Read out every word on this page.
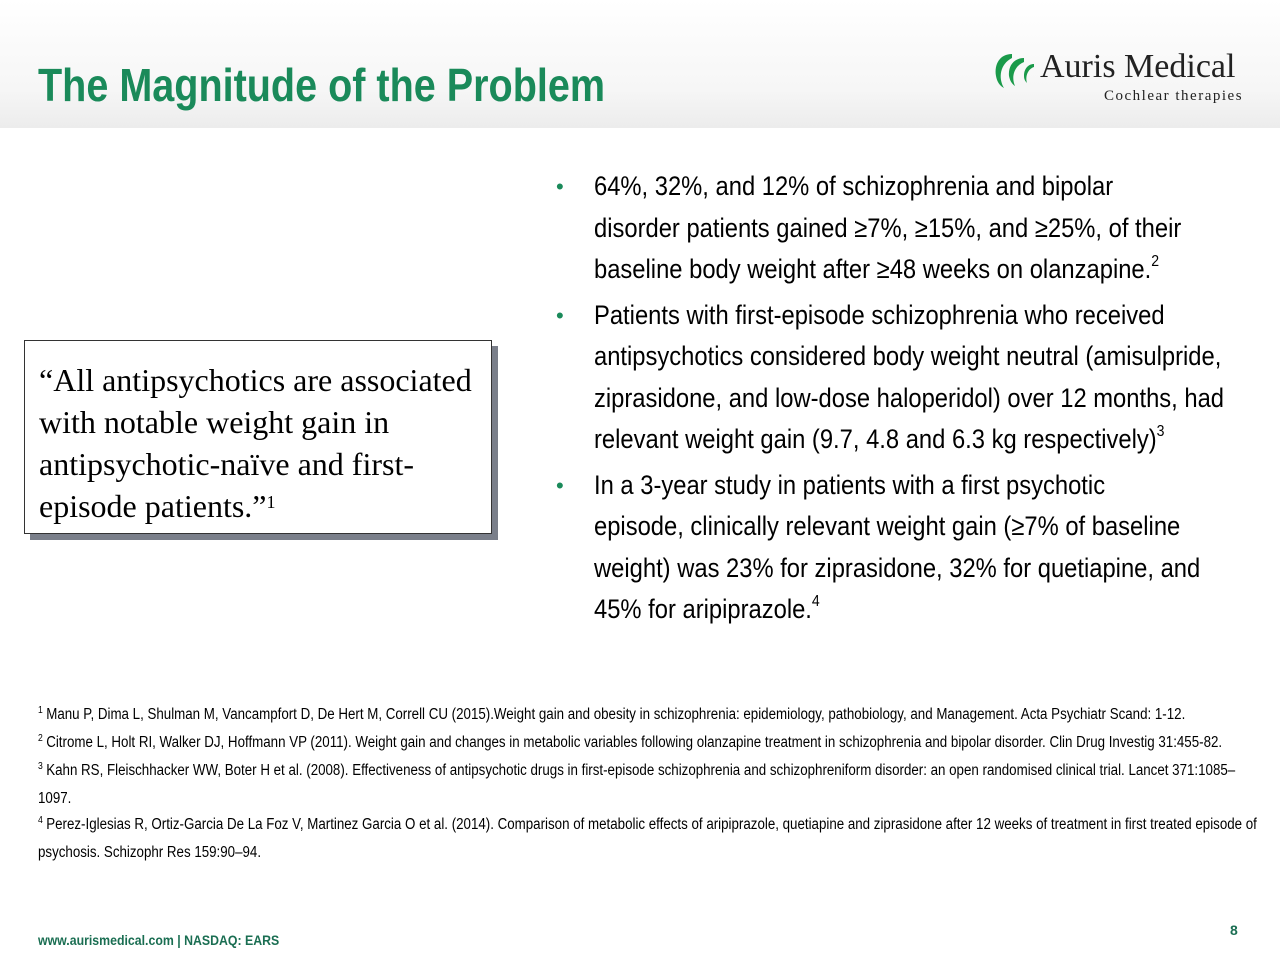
The Magnitude of the Problem	Auris Medical
Cochlear therapies

“All antipsychotics are associated with notable weight gain in antipsychotic-naïve and first-episode patients.”$^1$

• 64%, 32%, and 12% of schizophrenia and bipolar disorder patients gained ≥7%, ≥15%, and ≥25%, of their baseline body weight after ≥48 weeks on olanzapine.$^2$
• Patients with first-episode schizophrenia who received antipsychotics considered body weight neutral (amisulpride, ziprasidone, and low-dose haloperidol) over 12 months, had relevant weight gain (9.7, 4.8 and 6.3 kg respectively)$^3$
• In a 3-year study in patients with a first psychotic episode, clinically relevant weight gain (≥7% of baseline weight) was 23% for ziprasidone, 32% for quetiapine, and 45% for aripiprazole.$^4$
$^1$ Manu P, Dima L, Shulman M, Vancampfort D, De Hert M, Correll CU (2015).Weight gain and obesity in schizophrenia: epidemiology, pathobiology, and Management. Acta Psychiatr Scand: 1-12.
$^2$ Citrome L, Holt RI, Walker DJ, Hoffmann VP (2011). Weight gain and changes in metabolic variables following olanzapine treatment in schizophrenia and bipolar disorder. Clin Drug Investig 31:455-82.
$^3$ Kahn RS, Fleischhacker WW, Boter H et al. (2008). Effectiveness of antipsychotic drugs in first-episode schizophrenia and schizophreniform disorder: an open randomised clinical trial. Lancet 371:1085–1097.
$^4$ Perez-Iglesias R, Ortiz-Garcia De La Foz V, Martinez Garcia O et al. (2014). Comparison of metabolic effects of aripiprazole, quetiapine and ziprasidone after 12 weeks of treatment in first treated episode of psychosis. Schizophr Res 159:90–94.
www.aurismedical.com | NASDAQ: EARS
8
